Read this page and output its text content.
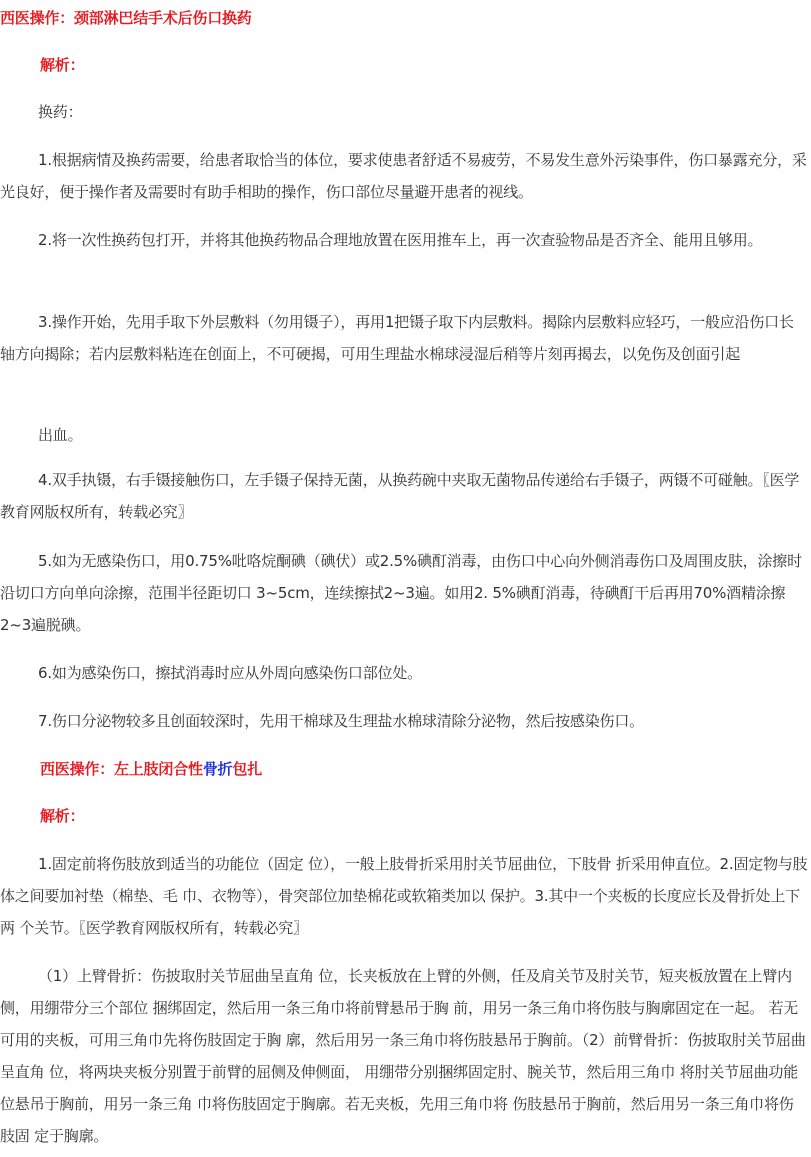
西医操作：颈部淋巴结手术后伤口换药

解析：

换药：

1.根据病情及换药需要，给患者取恰当的体位，要求使患者舒适不易疲劳，不易发生意外污染事件，伤口暴露充分，采光良好，便于操作者及需要时有助手相助的操作，伤口部位尽量避开患者的视线。

2.将一次性换药包打开，并将其他换药物品合理地放置在医用推车上，再一次查验物品是否齐全、能用且够用。

3.操作开始，先用手取下外层敷料（勿用镊子），再用1把镊子取下内层敷料。揭除内层敷料应轻巧，一般应沿伤口长轴方向揭除；若内层敷料粘连在创面上，不可硬揭，可用生理盐水棉球浸湿后稍等片刻再揭去，以免伤及创面引起

出血。

4.双手执镊，右手镊接触伤口，左手镊子保持无菌，从换药碗中夹取无菌物品传递给右手镊子，两镊不可碰触。〖医学教育网版权所有，转载必究〗

5.如为无感染伤口，用0.75%吡咯烷酮碘（碘伏）或2.5%碘酊消毒，由伤口中心向外侧消毒伤口及周围皮肤，涂擦时沿切口方向单向涂擦，范围半径距切口 3~5cm，连续擦拭2~3遍。如用2. 5%碘酊消毒，待碘酊干后再用70%酒精涂擦2~3遍脱碘。

6.如为感染伤口，擦拭消毒时应从外周向感染伤口部位处。

7.伤口分泌物较多且创面较深时，先用干棉球及生理盐水棉球清除分泌物，然后按感染伤口。

西医操作：左上肢闭合性骨折包扎

解析：

1.固定前将伤肢放到适当的功能位（固定 位），一般上肢骨折采用肘关节屈曲位，下肢骨 折采用伸直位。2.固定物与肢体之间要加衬垫（棉垫、毛 巾、衣物等），骨突部位加垫棉花或软箱类加以 保护。3.其中一个夹板的长度应长及骨折处上下两 个关节。〖医学教育网版权所有，转载必究〗

（1）上臂骨折：伤披取肘关节屈曲呈直角 位，长夹板放在上臂的外侧，任及肩关节及肘关节，短夹板放置在上臂内侧，用绷带分三个部位 捆绑固定，然后用一条三角巾将前臂悬吊于胸 前，用另一条三角巾将伤肢与胸廓固定在一起。 若无可用的夹板，可用三角巾先将伤肢固定于胸 廓，然后用另一条三角巾将伤肢悬吊于胸前。（2）前臂骨折：伤披取肘关节屈曲呈直角 位，将两块夹板分别置于前臂的屈侧及伸侧面， 用绷带分别捆绑固定肘、腕关节，然后用三角巾 将肘关节屈曲功能位悬吊于胸前，用另一条三角 巾将伤肢固定于胸廓。若无夹板，先用三角巾将 伤肢悬吊于胸前，然后用另一条三角巾将伤肢固 定于胸廓。
